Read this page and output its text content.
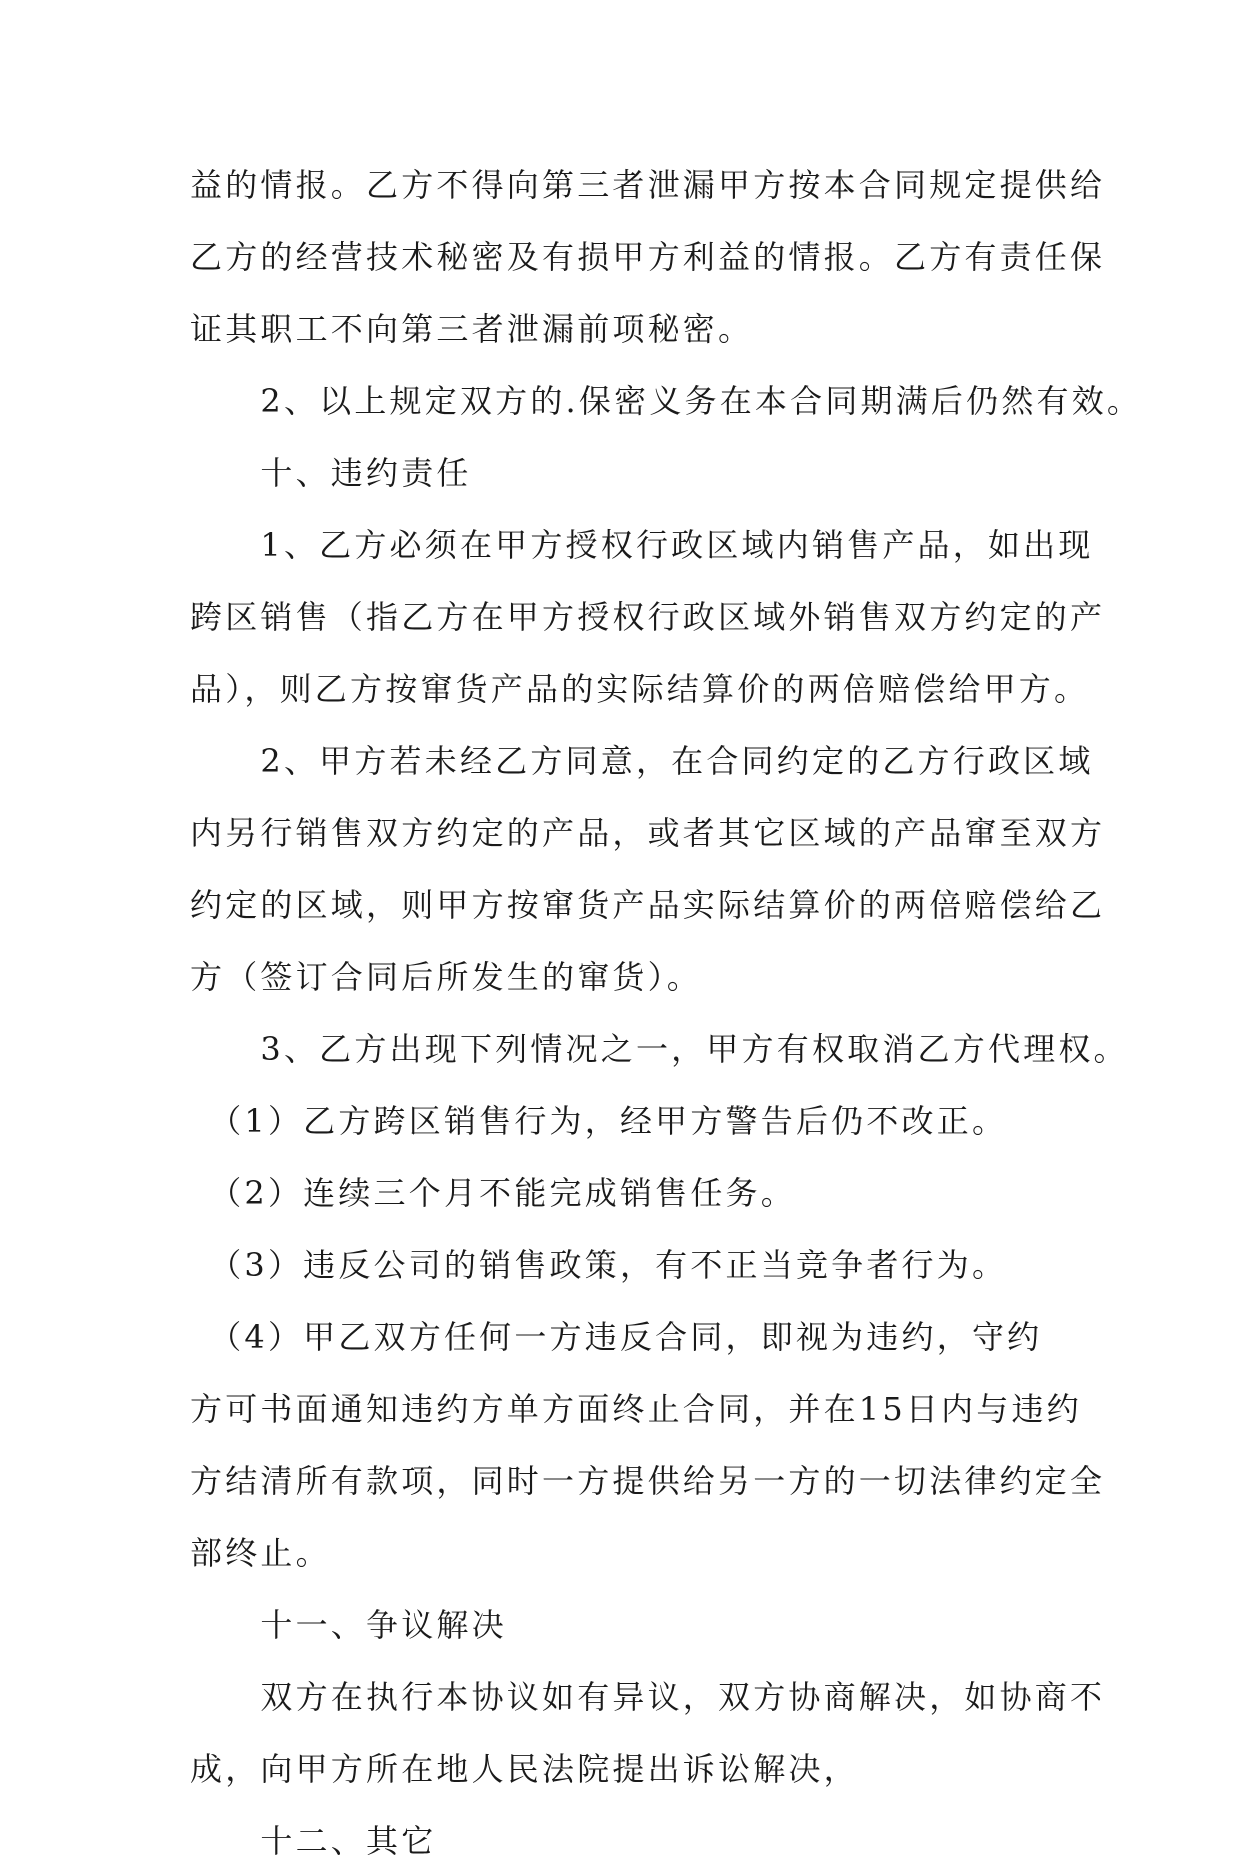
益的情报。乙方不得向第三者泄漏甲方按本合同规定提供给
乙方的经营技术秘密及有损甲方利益的情报。乙方有责任保
证其职工不向第三者泄漏前项秘密。
　　2、以上规定双方的.保密义务在本合同期满后仍然有效。
　　十、违约责任
　　1、乙方必须在甲方授权行政区域内销售产品，如出现
跨区销售（指乙方在甲方授权行政区域外销售双方约定的产
品），则乙方按窜货产品的实际结算价的两倍赔偿给甲方。
　　2、甲方若未经乙方同意，在合同约定的乙方行政区域
内另行销售双方约定的产品，或者其它区域的产品窜至双方
约定的区域，则甲方按窜货产品实际结算价的两倍赔偿给乙
方（签订合同后所发生的窜货）。
　　3、乙方出现下列情况之一，甲方有权取消乙方代理权。
　（1）乙方跨区销售行为，经甲方警告后仍不改正。
　（2）连续三个月不能完成销售任务。
　（3）违反公司的销售政策，有不正当竞争者行为。
　（4）甲乙双方任何一方违反合同，即视为违约，守约
方可书面通知违约方单方面终止合同，并在15日内与违约
方结清所有款项，同时一方提供给另一方的一切法律约定全
部终止。
　　十一、争议解决
　　双方在执行本协议如有异议，双方协商解决，如协商不
成，向甲方所在地人民法院提出诉讼解决，
　　十二、其它
